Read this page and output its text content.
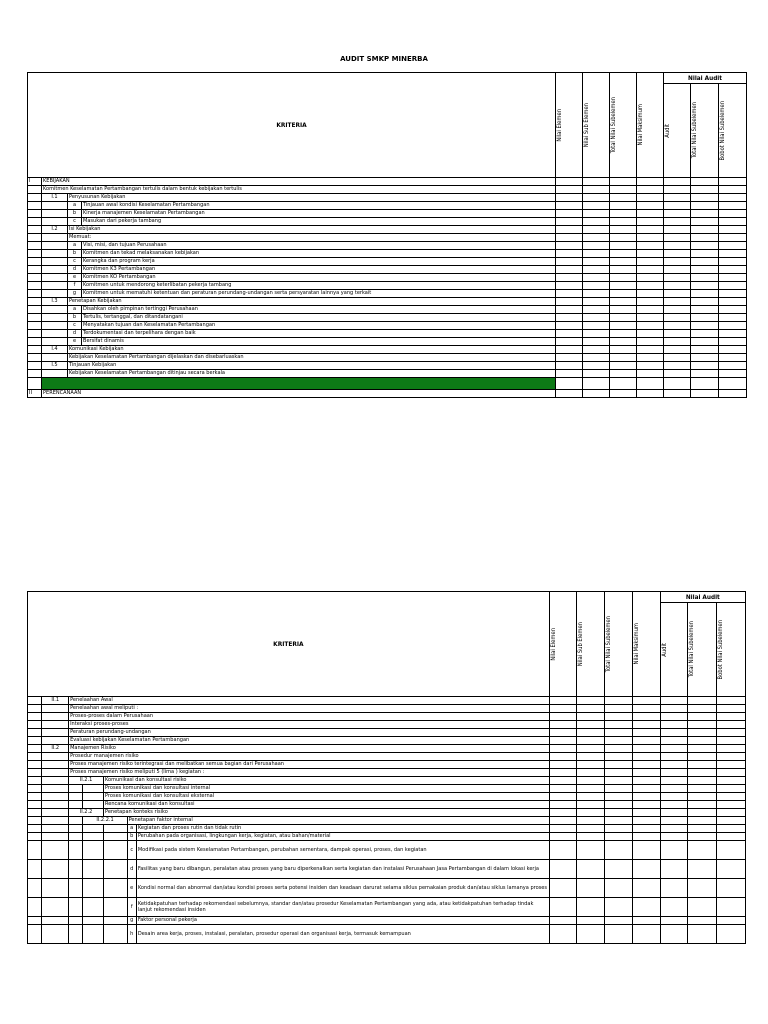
AUDIT SMKP MINERBA
KRITERIA				Nilai Elemen	Nilai Sub Elemen	Total Nilai Subelemen	Nilai Maksimum	Nilai Audit		

								Audit	Total Nilai Subelemen	Bobot Nilai Subelemen

I	KEBIJAKAN									
	Komitmen Keselamatan Pertambangan tertulis dalam bentuk kebijakan tertulis									
	I.1	Penyusunan Kebijakan								
		a	Tinjauan awal kondisi Keselamatan Pertambangan							
		b	Kinerja manajemen Keselamatan Pertambangan							
		c	Masukan dari pekerja tambang							
	I.2	Isi Kebijakan								
		Memuat:								
		a	Visi, misi, dan tujuan Perusahaan							
		b	Komitmen dan tekad melaksanakan kebijakan							
		c	Kerangka dan program kerja							
		d	Komitmen K3 Pertambangan							
		e	Komitmen KO Pertambangan							
		f	Komitmen untuk mendorong keterlibatan pekerja tambang							
		g	Komitmen untuk mematuhi ketentuan dan peraturan perundang-undangan serta persyaratan lainnya yang terkait							
	I.3	Penetapan Kebijakan								
		a	Disahkan oleh pimpinan tertinggi Perusahaan							
		b	Tertulis, tertanggal, dan ditandatangani							
		c	Menyatakan tujuan dan Keselamatan Pertambangan							
		d	Terdokumentasi dan terpelihara dengan baik							
		e	Bersifat dinamis							
	I.4	Komunikasi Kebijakan								
		Kebijakan Keselamatan Pertambangan dijelaskan dan disebarluaskan								
	I.5	Tinjauan Kebijakan								
		Kebijakan Keselamatan Pertambangan ditinjau secara berkala								

II	PERENCANAAN									
KRITERIA							Nilai Elemen	Nilai Sub Elemen	Total Nilai Subelemen	Nilai Maksimum	Nilai Audit		

											Audit	Total Nilai Subelemen	Bobot Nilai Subelemen

	II.1	Penelaahan Awal											
		Penelaahan awal meliputi :											
		Proses-proses dalam Perusahaan											
		Interaksi proses-proses											
		Peraturan perundang-undangan											
		Evaluasi kebijakan Keselamatan Pertambangan											
	II.2	Manajemen Risiko											
		Prosedur manajemen risiko											
		Proses manajemen risiko terintegrasi dan melibatkan semua bagian dari Perusahaan											
		Proses manajemen risiko meliputi 5 (lima ) kegiatan :											
		II.2.1		Komunikasi dan konsultasi risiko									
				Proses komunikasi dan konsultasi internal									
				Proses komunikasi dan konsultasi eksternal									
				Rencana komunikasi dan konsultasi									
		II.2.2		Penetapan konteks risiko									
			II.2.2.1		Penetapan faktor internal								
					a	Kegiatan dan proses rutin dan tidak rutin							
					b	Perubahan pada organisasi, lingkungan kerja, kegiatan, atau bahan/material							
					c	Modifikasi pada sistem Keselamatan Pertambangan, perubahan sementara, dampak operasi, proses, dan kegiatan							
					d	Fasilitas yang baru dibangun, peralatan atau proses yang baru diperkenalkan serta kegiatan dan instalasi Perusahaan Jasa Pertambangan di dalam lokasi kerja							
					e	Kondisi normal dan abnormal dan/atau kondisi proses serta potensi insiden dan keadaan darurat selama siklus pemakaian produk dan/atau siklus lamanya proses							
					f	Ketidakpatuhan terhadap rekomendasi sebelumnya, standar dan/atau prosedur Keselamatan Pertambangan yang ada, atau ketidakpatuhan terhadap tindak lanjut rekomendasi insiden							
					g	Faktor personal pekerja							
					h	Desain area kerja, proses, instalasi, peralatan, prosedur operasi dan organisasi kerja, termasuk kemampuan							
